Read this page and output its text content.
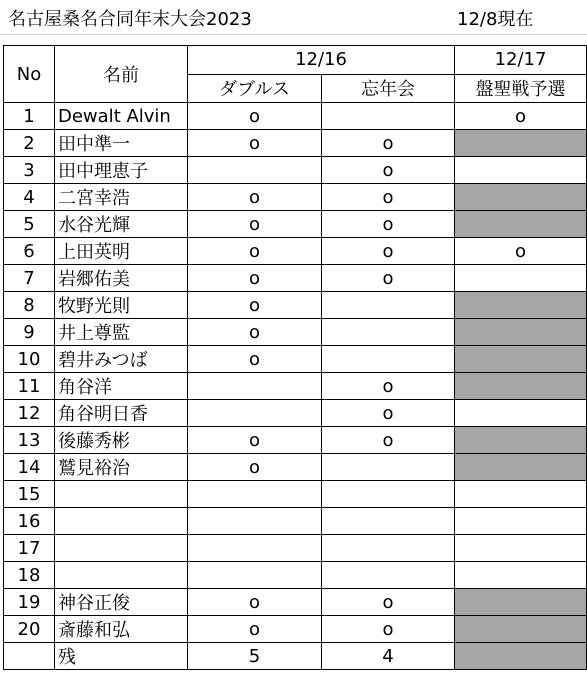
名古屋桑名合同年末大会2023	12/8現在
No	名前	12/16		12/17
		ダブルス	忘年会	盤聖戦予選
1	Dewalt Alvin	o		o
2	田中準一	o	o	
3	田中理恵子		o	
4	二宮幸浩	o	o	
5	水谷光輝	o	o	
6	上田英明	o	o	o
7	岩郷佑美	o	o	
8	牧野光則	o		
9	井上尊監	o		
10	碧井みつば	o		
11	角谷洋		o	
12	角谷明日香		o	
13	後藤秀彬	o	o	
14	鷲見裕治	o		
15				
16				
17				
18				
19	神谷正俊	o	o	
20	斎藤和弘	o	o	
	残	5	4	
